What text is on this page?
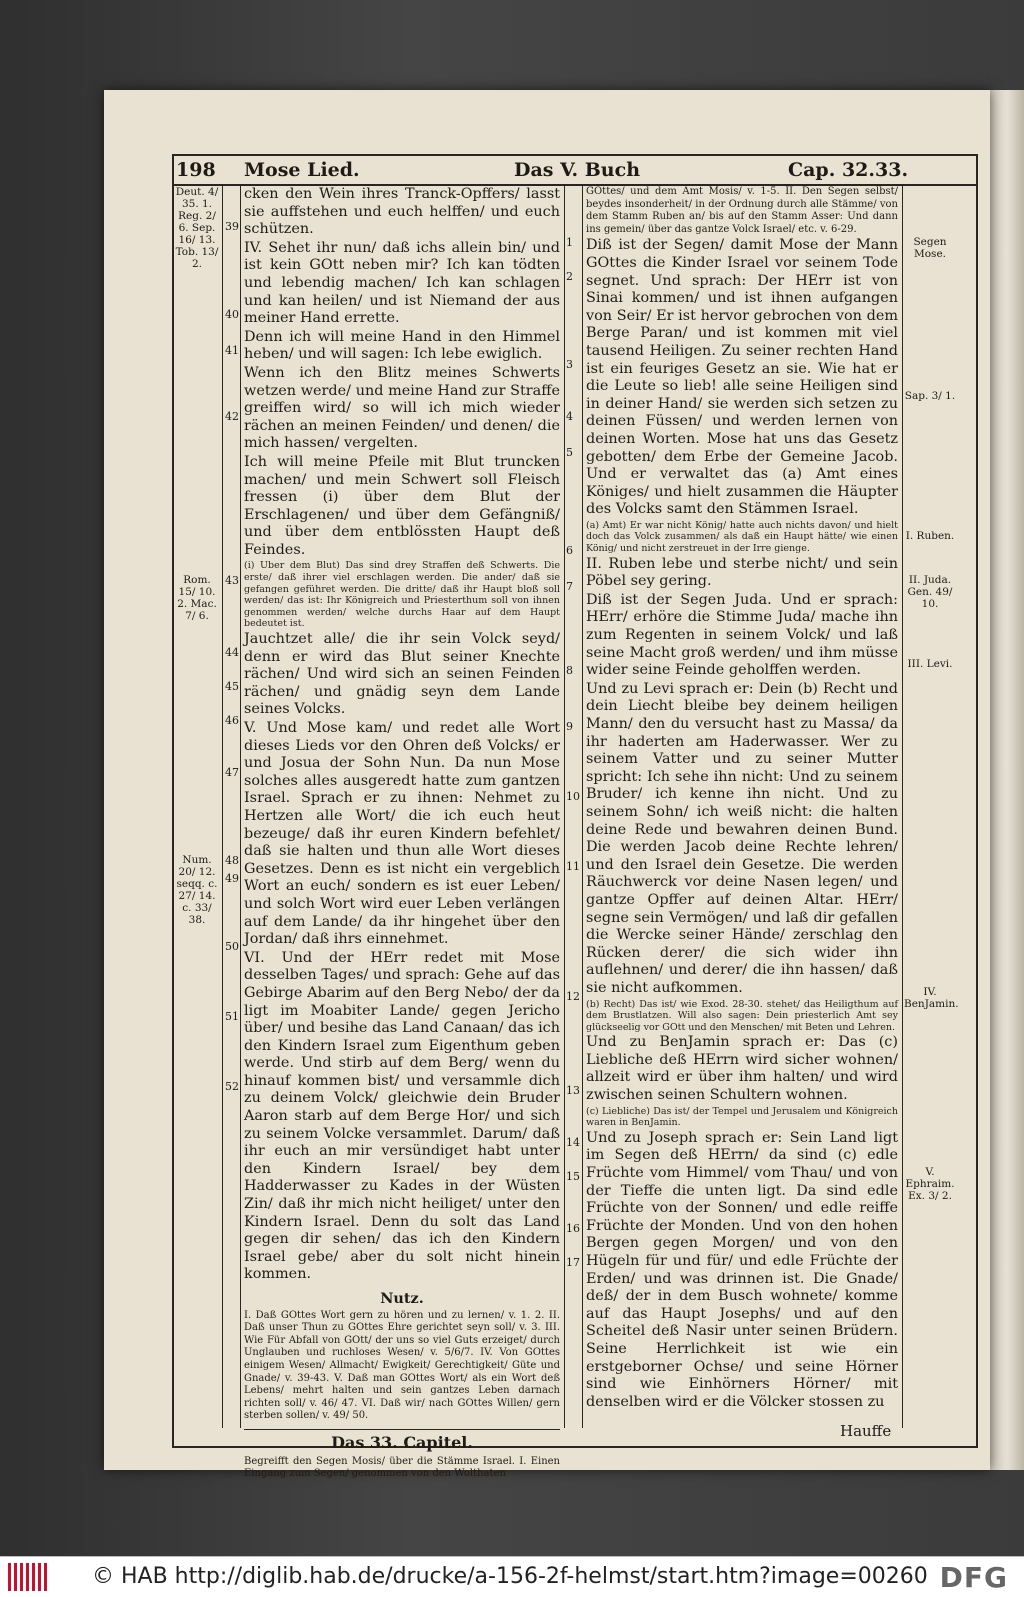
198 Mose Lied.	Das V. Buch	Cap. 32.33.
Deut. 4/ 35. 1. Reg. 2/ 6. Sep. 16/ 13. Tob. 13/ 2.
Rom. 15/ 10. 2. Mac. 7/ 6.
Num. 20/ 12. seqq. c. 27/ 14. c. 33/ 38.
39
40
41
42
43
44
45
46
47
48
49
50
51
52

cken den Wein ihres Tranck-Opffers/ lasst sie auffstehen und euch helffen/ und euch schützen.

IV. Sehet ihr nun/ daß ichs allein bin/ und ist kein GOtt neben mir? Ich kan tödten und lebendig machen/ Ich kan schlagen und kan heilen/ und ist Niemand der aus meiner Hand errette.

Denn ich will meine Hand in den Himmel heben/ und will sagen: Ich lebe ewiglich.

Wenn ich den Blitz meines Schwerts wetzen werde/ und meine Hand zur Straffe greiffen wird/ so will ich mich wieder rächen an meinen Feinden/ und denen/ die mich hassen/ vergelten.

Ich will meine Pfeile mit Blut truncken machen/ und mein Schwert soll Fleisch fressen (i) über dem Blut der Erschlagenen/ und über dem Gefängniß/ und über dem entblössten Haupt deß Feindes.

(i) Uber dem Blut) Das sind drey Straffen deß Schwerts. Die erste/ daß ihrer viel erschlagen werden. Die ander/ daß sie gefangen geführet werden. Die dritte/ daß ihr Haupt bloß soll werden/ das ist: Ihr Königreich und Priesterthum soll von ihnen genommen werden/ welche durchs Haar auf dem Haupt bedeutet ist.

Jauchtzet alle/ die ihr sein Volck seyd/ denn er wird das Blut seiner Knechte rächen/ Und wird sich an seinen Feinden rächen/ und gnädig seyn dem Lande seines Volcks.

V. Und Mose kam/ und redet alle Wort dieses Lieds vor den Ohren deß Volcks/ er und Josua der Sohn Nun. Da nun Mose solches alles ausgeredt hatte zum gantzen Israel. Sprach er zu ihnen: Nehmet zu Hertzen alle Wort/ die ich euch heut bezeuge/ daß ihr euren Kindern befehlet/ daß sie halten und thun alle Wort dieses Gesetzes. Denn es ist nicht ein vergeblich Wort an euch/ sondern es ist euer Leben/ und solch Wort wird euer Leben verlängen auf dem Lande/ da ihr hingehet über den Jordan/ daß ihrs einnehmet.

VI. Und der HErr redet mit Mose desselben Tages/ und sprach: Gehe auf das Gebirge Abarim auf den Berg Nebo/ der da ligt im Moabiter Lande/ gegen Jericho über/ und besihe das Land Canaan/ das ich den Kindern Israel zum Eigenthum geben werde. Und stirb auf dem Berg/ wenn du hinauf kommen bist/ und versammle dich zu deinem Volck/ gleichwie dein Bruder Aaron starb auf dem Berge Hor/ und sich zu seinem Volcke versammlet. Darum/ daß ihr euch an mir versündiget habt unter den Kindern Israel/ bey dem Hadderwasser zu Kades in der Wüsten Zin/ daß ihr mich nicht heiliget/ unter den Kindern Israel. Denn du solt das Land gegen dir sehen/ das ich den Kindern Israel gebe/ aber du solt nicht hinein kommen.

Nutz.

I. Daß GOttes Wort gern zu hören und zu lernen/ v. 1. 2. II. Daß unser Thun zu GOttes Ehre gerichtet seyn soll/ v. 3. III. Wie Für Abfall von GOtt/ der uns so viel Guts erzeiget/ durch Unglauben und ruchloses Wesen/ v. 5/6/7. IV. Von GOttes einigem Wesen/ Allmacht/ Ewigkeit/ Gerechtigkeit/ Güte und Gnade/ v. 39-43. V. Daß man GOttes Wort/ als ein Wort deß Lebens/ mehrt halten und sein gantzes Leben darnach richten soll/ v. 46/ 47. VI. Daß wir/ nach GOttes Willen/ gern sterben sollen/ v. 49/ 50.

Das 33. Capitel.

Begreifft den Segen Mosis/ über die Stämme Israel. I. Einen Eingang zum Segen/ genommen von den Wolthaten

1
2
3
4
5
6
7
8
9
10
11
12
13
14
15
16
17

GOttes/ und dem Amt Mosis/ v. 1-5. II. Den Segen selbst/ beydes insonderheit/ in der Ordnung durch alle Stämme/ von dem Stamm Ruben an/ bis auf den Stamm Asser: Und dann ins gemein/ über das gantze Volck Israel/ etc. v. 6-29.

Diß ist der Segen/ damit Mose der Mann GOttes die Kinder Israel vor seinem Tode segnet. Und sprach: Der HErr ist von Sinai kommen/ und ist ihnen aufgangen von Seir/ Er ist hervor gebrochen von dem Berge Paran/ und ist kommen mit viel tausend Heiligen. Zu seiner rechten Hand ist ein feuriges Gesetz an sie. Wie hat er die Leute so lieb! alle seine Heiligen sind in deiner Hand/ sie werden sich setzen zu deinen Füssen/ und werden lernen von deinen Worten. Mose hat uns das Gesetz gebotten/ dem Erbe der Gemeine Jacob. Und er verwaltet das (a) Amt eines Königes/ und hielt zusammen die Häupter des Volcks samt den Stämmen Israel.

(a) Amt) Er war nicht König/ hatte auch nichts davon/ und hielt doch das Volck zusammen/ als daß ein Haupt hätte/ wie einen König/ und nicht zerstreuet in der Irre gienge.

II. Ruben lebe und sterbe nicht/ und sein Pöbel sey gering.

Diß ist der Segen Juda. Und er sprach: HErr/ erhöre die Stimme Juda/ mache ihn zum Regenten in seinem Volck/ und laß seine Macht groß werden/ und ihm müsse wider seine Feinde geholffen werden.

Und zu Levi sprach er: Dein (b) Recht und dein Liecht bleibe bey deinem heiligen Mann/ den du versucht hast zu Massa/ da ihr haderten am Haderwasser. Wer zu seinem Vatter und zu seiner Mutter spricht: Ich sehe ihn nicht: Und zu seinem Bruder/ ich kenne ihn nicht. Und zu seinem Sohn/ ich weiß nicht: die halten deine Rede und bewahren deinen Bund. Die werden Jacob deine Rechte lehren/ und den Israel dein Gesetze. Die werden Räuchwerck vor deine Nasen legen/ und gantze Opffer auf deinen Altar. HErr/ segne sein Vermögen/ und laß dir gefallen die Wercke seiner Hände/ zerschlag den Rücken derer/ die sich wider ihn auflehnen/ und derer/ die ihn hassen/ daß sie nicht aufkommen.

(b) Recht) Das ist/ wie Exod. 28-30. stehet/ das Heiligthum auf dem Brustlatzen. Will also sagen: Dein priesterlich Amt sey glückseelig vor GOtt und den Menschen/ mit Beten und Lehren.

Und zu BenJamin sprach er: Das (c) Liebliche deß HErrn wird sicher wohnen/ allzeit wird er über ihm halten/ und wird zwischen seinen Schultern wohnen.

(c) Liebliche) Das ist/ der Tempel und Jerusalem und Königreich waren in BenJamin.

Und zu Joseph sprach er: Sein Land ligt im Segen deß HErrn/ da sind (c) edle Früchte vom Himmel/ vom Thau/ und von der Tieffe die unten ligt. Da sind edle Früchte von der Sonnen/ und edle reiffe Früchte der Monden. Und von den hohen Bergen gegen Morgen/ und von den Hügeln für und für/ und edle Früchte der Erden/ und was drinnen ist. Die Gnade/ deß/ der in dem Busch wohnete/ komme auf das Haupt Josephs/ und auf den Scheitel deß Nasir unter seinen Brüdern. Seine Herrlichkeit ist wie ein erstgeborner Ochse/ und seine Hörner sind wie Einhörners Hörner/ mit denselben wird er die Völcker stossen zu

Segen Mose.
Sap. 3/ 1.
I. Ruben.
II. Juda. Gen. 49/ 10.
III. Levi.
IV. BenJamin.
V. Ephraim. Ex. 3/ 2.
Hauffe
© HAB http://diglib.hab.de/drucke/a-156-2f-helmst/start.htm?image=00260 DFG
